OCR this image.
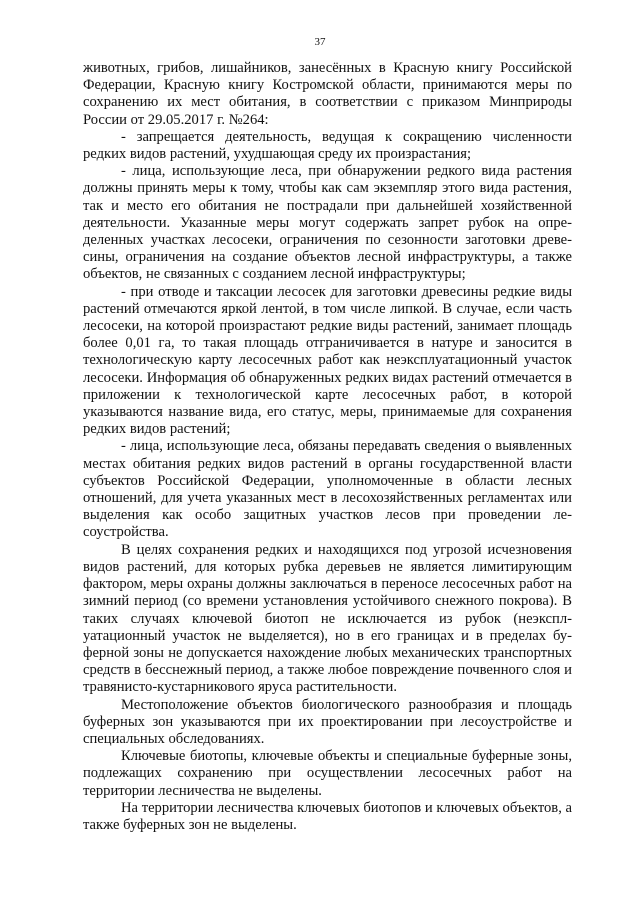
37

животных, грибов, лишайников, занесённых в Красную книгу Российской Федерации, Красную книгу Костромской области, принимаются меры по сохранению их мест обитания, в соответствии с приказом Минприроды России от 29.05.2017 г. №264:

- запрещается деятельность, ведущая к сокращению численности редких видов растений, ухудшающая среду их произрастания;

- лица, использующие леса, при обнаружении редкого вида растения должны принять меры к тому, чтобы как сам экземпляр этого вида растения, так и место его обитания не пострадали при дальнейшей хозяйственной деятельности. Указанные меры могут содержать запрет рубок на определенных участках лесосеки, ограничения по сезонности заготовки древесины, ограничения на создание объектов лесной инфраструктуры, а также объектов, не связанных с созданием лесной инфраструктуры;

- при отводе и таксации лесосек для заготовки древесины редкие виды растений отмечаются яркой лентой, в том числе липкой. В случае, если часть лесосеки, на которой произрастают редкие виды растений, занимает площадь более 0,01 га, то такая площадь отграничивается в натуре и заносится в технологическую карту лесосечных работ как неэксплуатационный участок лесосеки. Информация об обнаруженных редких видах растений отмечается в приложении к технологической карте лесосечных работ, в которой указываются название вида, его статус, меры, принимаемые для сохранения редких видов растений;

- лица, использующие леса, обязаны передавать сведения о выявленных местах обитания редких видов растений в органы государственной власти субъектов Российской Федерации, уполномоченные в области лесных отношений, для учета указанных мест в лесохозяйственных регламентах или выделения как особо защитных участков лесов при проведении лесоустройства.

В целях сохранения редких и находящихся под угрозой исчезновения видов растений, для которых рубка деревьев не является лимитирующим фактором, меры охраны должны заключаться в переносе лесосечных работ на зимний период (со времени установления устойчивого снежного покрова). В таких случаях ключевой биотоп не исключается из рубок (неэксплуатационный участок не выделяется), но в его границах и в пределах буферной зоны не допускается нахождение любых механических транспортных средств в бесснежный период, а также любое повреждение почвенного слоя и травянисто-кустарникового яруса растительности.

Местоположение объектов биологического разнообразия и площадь буферных зон указываются при их проектировании при лесоустройстве и специальных обследованиях.

Ключевые биотопы, ключевые объекты и специальные буферные зоны, подлежащих сохранению при осуществлении лесосечных работ на территории лесничества не выделены.

На территории лесничества ключевых биотопов и ключевых объектов, а также буферных зон не выделены.
